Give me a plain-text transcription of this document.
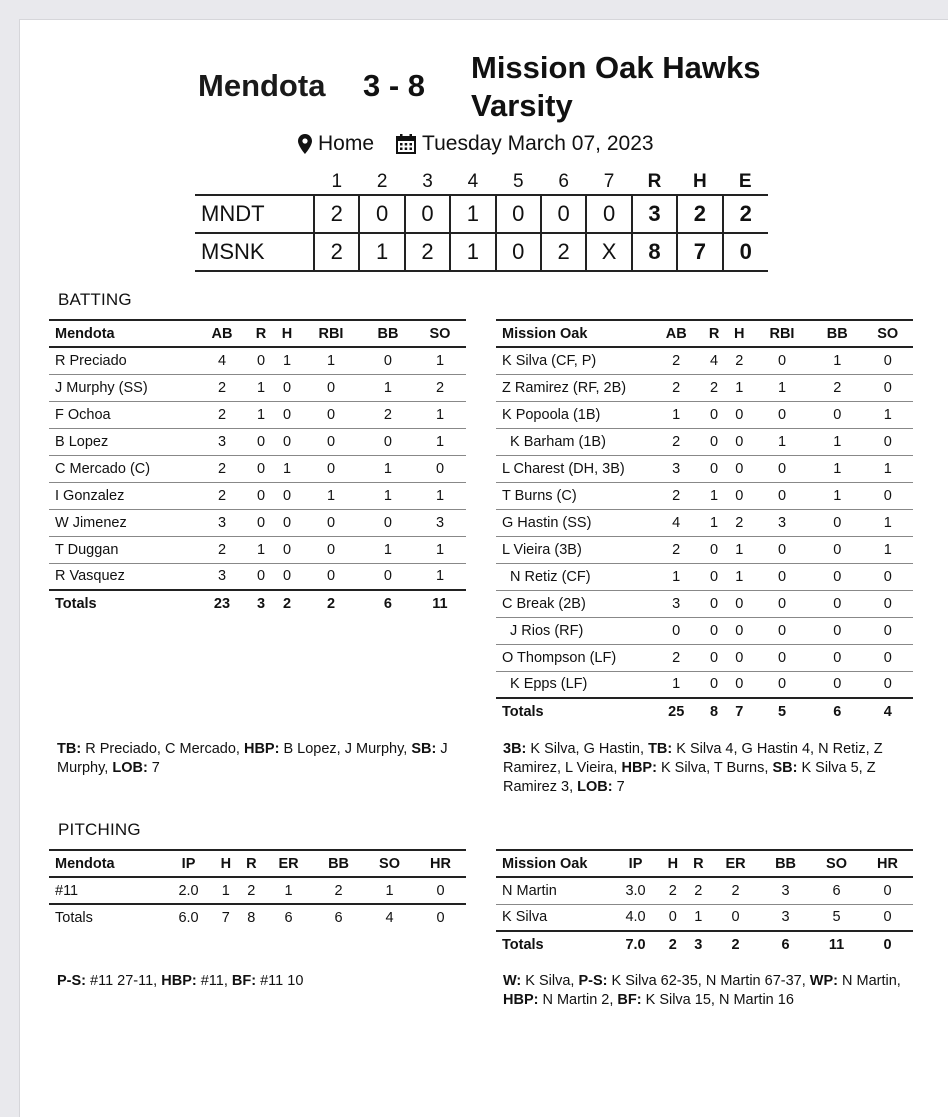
Mendota 3 - 8
Mission Oak Hawks Varsity
Home Tuesday March 07, 2023
	1	2	3	4	5	6	7	R	H	E
MNDT	2	0	0	1	0	0	0	3	2	2
MSNK	2	1	2	1	0	2	X	8	7	0
BATTING
Mendota	AB	R	H	RBI	BB	SO
R Preciado	4	0	1	1	0	1
J Murphy (SS)	2	1	0	0	1	2
F Ochoa	2	1	0	0	2	1
B Lopez	3	0	0	0	0	1
C Mercado (C)	2	0	1	0	1	0
I Gonzalez	2	0	0	1	1	1
W Jimenez	3	0	0	0	0	3
T Duggan	2	1	0	0	1	1
R Vasquez	3	0	0	0	0	1
Totals	23	3	2	2	6	11
Mission Oak	AB	R	H	RBI	BB	SO
K Silva (CF, P)	2	4	2	0	1	0
Z Ramirez (RF, 2B)	2	2	1	1	2	0
K Popoola (1B)	1	0	0	0	0	1
K Barham (1B)	2	0	0	1	1	0
L Charest (DH, 3B)	3	0	0	0	1	1
T Burns (C)	2	1	0	0	1	0
G Hastin (SS)	4	1	2	3	0	1
L Vieira (3B)	2	0	1	0	0	1
N Retiz (CF)	1	0	1	0	0	0
C Break (2B)	3	0	0	0	0	0
J Rios (RF)	0	0	0	0	0	0
O Thompson (LF)	2	0	0	0	0	0
K Epps (LF)	1	0	0	0	0	0
Totals	25	8	7	5	6	4
TB: R Preciado, C Mercado, HBP: B Lopez, J Murphy, SB: J Murphy, LOB: 7
3B: K Silva, G Hastin, TB: K Silva 4, G Hastin 4, N Retiz, Z Ramirez, L Vieira, HBP: K Silva, T Burns, SB: K Silva 5, Z Ramirez 3, LOB: 7
PITCHING
Mendota	IP	H	R	ER	BB	SO	HR
#11	2.0	1	2	1	2	1	0
Totals	6.0	7	8	6	6	4	0
Mission Oak	IP	H	R	ER	BB	SO	HR
N Martin	3.0	2	2	2	3	6	0
K Silva	4.0	0	1	0	3	5	0
Totals	7.0	2	3	2	6	11	0
P-S: #11 27-11, HBP: #11, BF: #11 10	W: K Silva, P-S: K Silva 62-35, N Martin 67-37, WP: N Martin, HBP: N Martin 2, BF: K Silva 15, N Martin 16
